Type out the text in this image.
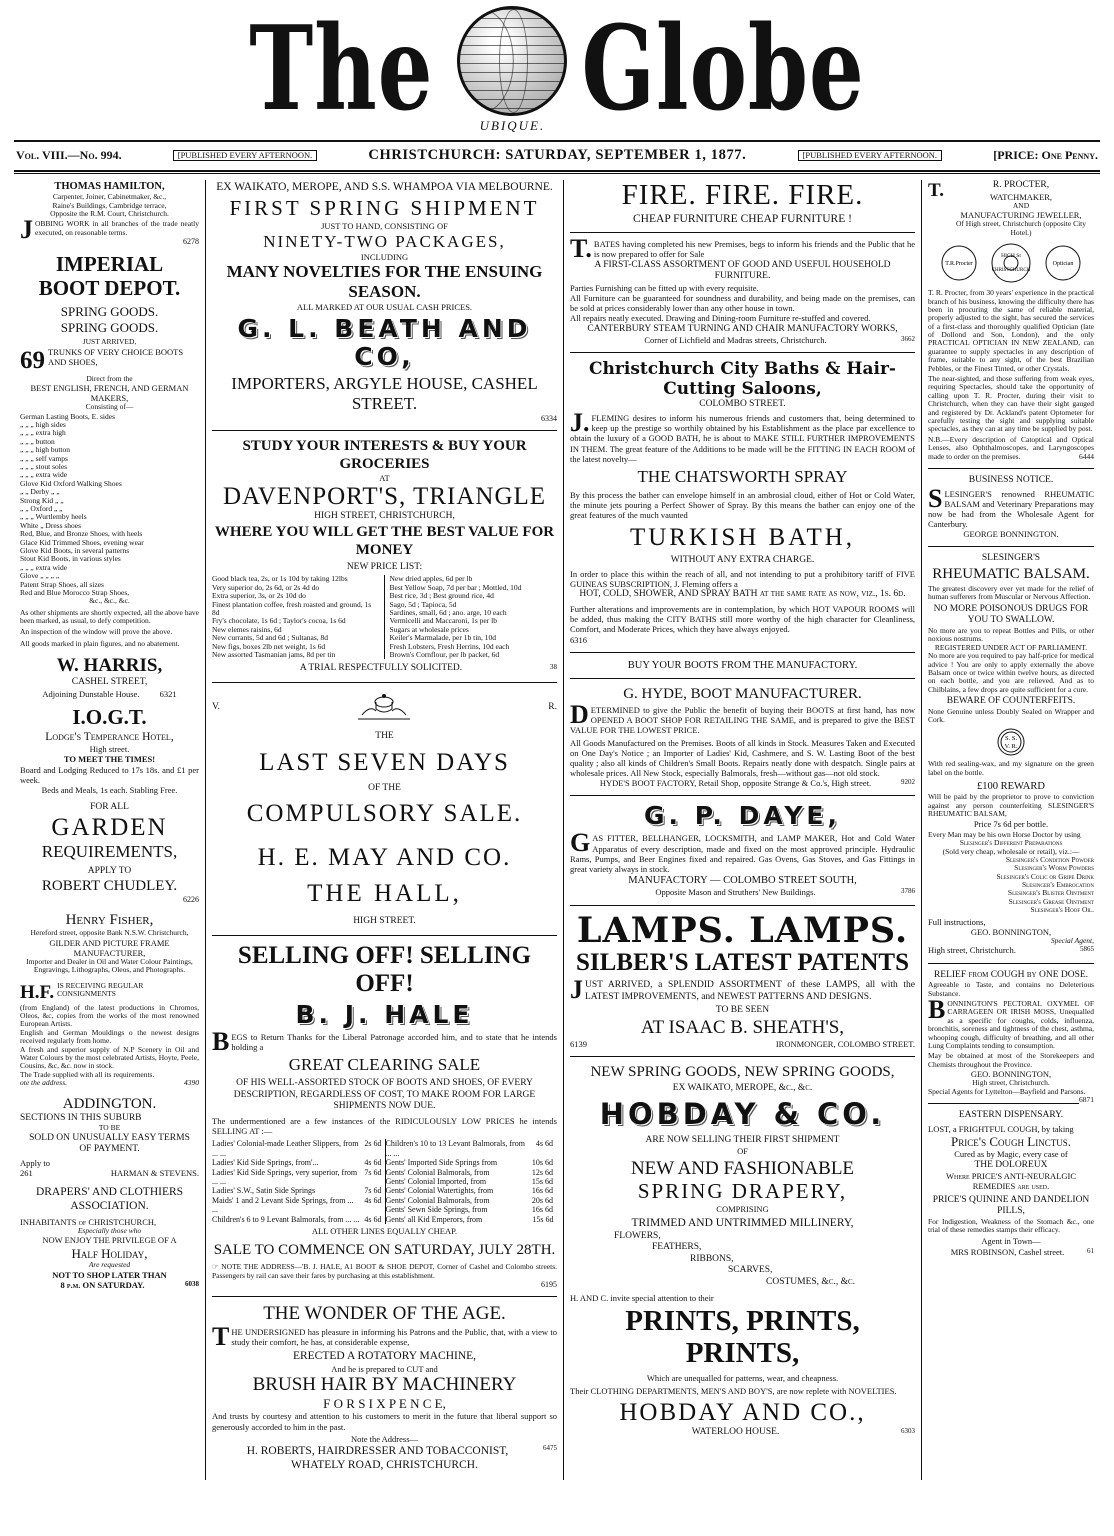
The	UBIQUE. Globe
Vol. VIII.—No. 994.	[PUBLISHED EVERY AFTERNOON.	CHRISTCHURCH: SATURDAY, SEPTEMBER 1, 1877.	[PUBLISHED EVERY AFTERNOON.	[PRICE: One Penny.
THOMAS HAMILTON,
Carpenter, Joiner, Cabinetmaker, &c.,
Raine's Buildings, Cambridge terrace,
Opposite the R.M. Court, Christchurch.
JOBBING WORK in all branches of the trade neatly executed, on reasonable terms.
6278
IMPERIAL
BOOT DEPOT.
SPRING GOODS.
SPRING GOODS.
JUST ARRIVED,
69 TRUNKS OF VERY CHOICE BOOTS AND SHOES,
Direct from the
BEST ENGLISH, FRENCH, AND GERMAN MAKERS,
Consisting of—
German Lasting Boots, E. sides
„ „ „ high sides
„ „ „ extra high
„ „ „ button
„ „ „ high button
„ „ „ self vamps
„ „ „ stout soles
„ „ „ extra wide
Glove Kid Oxford Walking Shoes
„ „ Derby „ „
Strong Kid „ „
„ „ Oxford „ „
„ „ „ Wurtlemby heels
White „ Dress shoes
Red, Blue, and Bronze Shoes, with heels
Glace Kid Trimmed Shoes, evening wear
Glove Kid Boots, in several patterns
Stout Kid Boots, in various styles
„ „ „ extra wide
Glove „ „ „ „
Patent Strap Shoes, all sizes
Red and Blue Morocco Strap Shoes,
&c., &c., &c.
As other shipments are shortly expected, all the above have been marked, as usual, to defy competition.
An inspection of the window will prove the above.
All goods marked in plain figures, and no abatement.
W. HARRIS,
CASHEL STREET,
Adjoining Dunstable House. 6321
I.O.G.T.
Lodge's Temperance Hotel,
High street.
TO MEET THE TIMES!
Board and Lodging Reduced to 17s 18s. and £1 per week.
Beds and Meals, 1s each. Stabling Free.
FOR ALL
GARDEN
REQUIREMENTS,
APPLY TO
ROBERT CHUDLEY.
6226
Henry Fisher,
Hereford street, opposite Bank N.S.W. Christchurch,
GILDER AND PICTURE FRAME MANUFACTURER,
Importer and Dealer in Oil and Water Colour Paintings,
Engravings, Lithographs, Oleos, and Photographs.
H.F. IS RECEIVING REGULAR CONSIGNMENTS
(from England) of the latest productions in Chromos, Oleos, &c, copies from the works of the most renowned European Artists.
English and German Mouldings o the newest designs received regularly from home.
A fresh and superior supply of N.P Scenery in Oil and Water Colours by the most celebrated Artists, Hoyte, Peele, Cousins, &c, &c. now in stock.
The Trade supplied with all its requirements.
ote the address.	4390
ADDINGTON.
SECTIONS IN THIS SUBURB
TO BE
SOLD ON UNUSUALLY EASY TERMS
OF PAYMENT.
Apply to
261	HARMAN & STEVENS.
DRAPERS' AND CLOTHIERS
ASSOCIATION.
INHABITANTS of CHRISTCHURCH,
Especially those who
NOW ENJOY THE PRIVILEGE OF A
Half Holiday,
Are requested
NOT TO SHOP LATER THAN
8 p.m. ON SATURDAY.	6038
EX WAIKATO, MEROPE, AND S.S. WHAMPOA VIA MELBOURNE.
FIRST SPRING SHIPMENT
JUST TO HAND, CONSISTING OF
NINETY-TWO PACKAGES,
INCLUDING
MANY NOVELTIES FOR THE ENSUING SEASON.
ALL MARKED AT OUR USUAL CASH PRICES.
G. L. BEATH AND CO,
IMPORTERS, ARGYLE HOUSE, CASHEL STREET.
6334
STUDY YOUR INTERESTS & BUY YOUR GROCERIES
AT
DAVENPORT'S, TRIANGLE
HIGH STREET, CHRISTCHURCH,
WHERE YOU WILL GET THE BEST VALUE FOR MONEY
NEW PRICE LIST:
Good black tea, 2s, or 1s 10d by taking 12lbs
Very superior do, 2s 6d, or 2s 4d do
Extra superior, 3s, or 2s 10d do
Finest plantation coffee, fresh roasted and ground, 1s 8d
Fry's chocolate, 1s 6d ; Taylor's cocoa, 1s 6d
New elemes raisins, 6d
New currants, 5d and 6d ; Sultanas, 8d
New figs, boxes 2lb net weight, 1s 6d
New assorted Tasmanian jams, 8d per tin
New dried apples, 6d per lb
Best Yellow Soap, 7d per bar ; Mottled, 10d
Best rice, 3d ; Best ground rice, 4d
Sago, 5d ; Tapioca, 5d
Sardines, small, 6d ; ano. arge, 10 each
Vermicelli and Maccaroni, 1s per lb
Sugars at wholesale prices
Keiler's Marmalade, per 1b tin, 10d
Fresh Lobsters, Fresh Herrins, 10d each
Brown's Cornflour, per lb packet, 6d
A TRIAL RESPECTFULLY SOLICITED.	38
V.	R.
THE
LAST SEVEN DAYS
OF THE
COMPULSORY SALE.
H. E. MAY AND CO.
THE HALL,
HIGH STREET.
SELLING OFF! SELLING OFF!
B. J. HALE
BEGS to Return Thanks for the Liberal Patronage accorded him, and to state that he intends holding a
GREAT CLEARING SALE
OF HIS WELL-ASSORTED STOCK OF BOOTS AND SHOES, OF EVERY DESCRIPTION, REGARDLESS OF COST, TO MAKE ROOM FOR LARGE SHIPMENTS NOW DUE.
The undermentioned are a few instances of the RIDICULOUSLY LOW PRICES he intends SELLING AT :—
Ladies' Colonial-made Leather Slippers, from ... ...	2s 6d
Ladies' Kid Side Springs, from'...	4s 6d
Ladies' Kid Side Springs, very superior, from ... ...	7s 6d
Ladies' S.W., Satin Side Springs	7s 6d
Maids' 1 and 2 Levant Side Springs, from ... ...	4s 6d
Children's 6 to 9 Levant Balmorals, from ... ...	4s 6d
Children's 10 to 13 Levant Balmorals, from ... ...	4s 6d
Gents' Imported Side Springs from	10s 6d
Gents' Colonial Balmorals, from	12s 6d
Gents' Colonial Imported, from	15s 6d
Gents' Colonial Watertights, from	16s 6d
Gents' Colonial Balmorals, from	20s 6d
Gents' Sewn Side Springs, from	16s 6d
Gents' all Kid Emperors, from	15s 6d
ALL OTHER LINES EQUALLY CHEAP.
SALE TO COMMENCE ON SATURDAY, JULY 28TH.
☞ NOTE THE ADDRESS—'B. J. HALE, A1 BOOT & SHOE DEPOT, Corner of Cashel and Colombo streets. Passengers by rail can save their fares by purchasing at this establishment.
6195
THE WONDER OF THE AGE.
THE UNDERSIGNED has pleasure in informing his Patrons and the Public, that, with a view to study their comfort, he has, at considerable expense,
ERECTED A ROTATORY MACHINE,
And he is prepared to CUT and
BRUSH HAIR BY MACHINERY
F O R S I X P E N C E,
And trusts by courtesy and attention to his customers to merit in the future that liberal support so generously accorded to him in the past.
Note the Address—
H. ROBERTS, HAIRDRESSER AND TOBACCONIST,	6475
WHATELY ROAD, CHRISTCHURCH.
FIRE. FIRE. FIRE.
CHEAP FURNITURE CHEAP FURNITURE !
T.BATES having completed his new Premises, begs to inform his friends and the Public that he is now prepared to offer for Sale
A FIRST-CLASS ASSORTMENT OF GOOD AND USEFUL HOUSEHOLD FURNITURE.
Parties Furnishing can be fitted up with every requisite.
All Furniture can be guaranteed for soundness and durability, and being made on the premises, can be sold at prices considerably lower than any other house in town.
All repairs neatly executed. Drawing and Dining-room Furniture re-stuffed and covered.
CANTERBURY STEAM TURNING AND CHAIR MANUFACTORY WORKS,
Corner of Lichfield and Madras streets, Christchurch.	3662
Christchurch City Baths & Hair-Cutting Saloons,
COLOMBO STREET.
J.FLEMING desires to inform his numerous friends and customers that, being determined to keep up the prestige so worthily obtained by his Establishment as the place par excellence to obtain the luxury of a GOOD BATH, he is about to MAKE STILL FURTHER IMPROVEMENTS IN THEM. The great feature of the Additions to be made will be the FITTING IN EACH ROOM of the latest novelty—
THE CHATSWORTH SPRAY
By this process the bather can envelope himself in an ambrosial cloud, either of Hot or Cold Water, the minute jets pouring a Perfect Shower of Spray. By this means the bather can enjoy one of the great features of the much vaunted
TURKISH BATH,
WITHOUT ANY EXTRA CHARGE.
In order to place this within the reach of all, and not intending to put a prohibitory tariff of FIVE GUINEAS SUBSCRIPTION, J. Fleming offers a
HOT, COLD, SHOWER, AND SPRAY BATH at the same rate as now, viz., 1s. 6d.
Further alterations and improvements are in contemplation, by which HOT VAPOUR ROOMS will be added, thus making the CITY BATHS still more worthy of the high character for Cleanliness, Comfort, and Moderate Prices, which they have always enjoyed.
6316
BUY YOUR BOOTS FROM THE MANUFACTORY.
G. HYDE, BOOT MANUFACTURER.
DETERMINED to give the Public the benefit of buying their BOOTS at first hand, has now OPENED A BOOT SHOP FOR RETAILING THE SAME, and is prepared to give the BEST VALUE FOR THE LOWEST PRICE.
All Goods Manufactured on the Premises. Boots of all kinds in Stock. Measures Taken and Executed on One Day's Notice ; an Importer of Ladies' Kid, Cashmere, and S. W. Lasting Boot of the best quality ; also all kinds of Children's Small Boots. Repairs neatly done with despatch. Single pairs at wholesale prices. All New Stock, especially Balmorals, fresh—without gas—not old stock.
HYDE'S BOOT FACTORY, Retail Shop, opposite Strange & Co.'s, High street.	9202
G. P. DAYE,
GAS FITTER, BELLHANGER, LOCKSMITH, and LAMP MAKER, Hot and Cold Water Apparatus of every description, made and fixed on the most approved principle. Hydraulic Rams, Pumps, and Beer Engines fixed and repaired. Gas Ovens, Gas Stoves, and Gas Fittings in great variety always in stock.
MANUFACTORY — COLOMBO STREET SOUTH,
Opposite Mason and Struthers' New Buildings.	3786
LAMPS. LAMPS.
SILBER'S LATEST PATENTS
JUST ARRIVED, a SPLENDID ASSORTMENT of these LAMPS, all with the LATEST IMPROVEMENTS, and NEWEST PATTERNS AND DESIGNS.
TO BE SEEN
AT ISAAC B. SHEATH'S,
6139	IRONMONGER, COLOMBO STREET.
NEW SPRING GOODS, NEW SPRING GOODS,
EX WAIKATO, MEROPE, &c., &c.
HOBDAY & CO.
ARE NOW SELLING THEIR FIRST SHIPMENT
OF
NEW AND FASHIONABLE
SPRING DRAPERY,
COMPRISING
TRIMMED AND UNTRIMMED MILLINERY,
FLOWERS,
FEATHERS,
RIBBONS,
SCARVES,
COSTUMES, &c., &c.
H. AND C. invite special attention to their
PRINTS, PRINTS, PRINTS,
Which are unequalled for patterns, wear, and cheapness.
Their CLOTHING DEPARTMENTS, MEN'S AND BOY'S, are now replete with NOVELTIES.
HOBDAY AND CO.,
WATERLOO HOUSE.	6303
T.	R. PROCTER,
WATCHMAKER,
AND
MANUFACTURING JEWELLER,
Of High street, Christchurch (opposite City Hotel.)
T.R.Procter
HIGH St
CHRISTCHURCH
Optician
T. R. Procter, from 30 years' experience in the practical branch of his business, knowing the difficulty there has been in procuring the same of reliable material, properly adjusted to the sight, has secured the services of a first-class and thoroughly qualified Optician (late of Dollond and Son, London), and the only PRACTICAL OPTICIAN IN NEW ZEALAND, can guarantee to supply spectacles in any description of frame, suitable to any sight, of the best Brazilian Pebbles, or the Finest Tinted, or other Crystals.
The near-sighted, and those suffering from weak eyes, requiring Spectacles, should take the opportunity of calling upon T. R. Procter, during their visit to Christchurch, when they can have their sight gauged and registered by Dr. Ackland's patent Optometer for carefully testing the sight and supplying suitable spectacles, as they can at any time be supplied by post.
N.B.—Every description of Catoptical and Optical Lenses, also Ophthalmoscopes, and Laryngoscopes made to order on the premises.	6444
BUSINESS NOTICE.
SLESINGER'S renowned RHEUMATIC BALSAM and Veterinary Preparations may now be had from the Wholesale Agent for Canterbury.
GEORGE BONNINGTON.
SLESINGER'S
RHEUMATIC BALSAM.
The greatest discovery ever yet made for the relief of human sufferers from Muscular or Nervous Affection.
NO MORE POISONOUS DRUGS FOR YOU TO SWALLOW.
No more are you to repeat Bottles and Pills, or other noxious nostrums.
REGISTERED UNDER ACT OF PARLIAMENT.
No more are you required to pay half-price for medical advice ! You are only to apply externally the above Balsam once or twice within twelve hours, as directed on each bottle, and you are relieved. And as to Chilblains, a few drops are quite sufficient for a cure.
BEWARE OF COUNTERFEITS.
None Genuine unless Doubly Sealed on Wrapper and Cork.
S. S.
V. R.
With red sealing-wax, and my signature on the green label on the bottle.
£100 REWARD
Will be paid by the proprietor to prove to conviction against any person counterfeiting SLESINGER'S RHEUMATIC BALSAM,
Price 7s 6d per bottle.
Every Man may be his own Horse Doctor by using
Slesinger's Different Preparations
(Sold very cheap, wholesale or retail), viz.:—
Slesinger's Condition Powder
Slesinger's Worm Powders
Slesinger's Colic or Gripe Drink
Slesinger's Embrocation
Slesinger's Blister Ointment
Slesinger's Grease Ointment
Slesinger's Hoof Oil.
Full instructions,
GEO. BONNINGTON,
Special Agent,
High street, Christchurch.	5865
RELIEF from COUGH by ONE DOSE.
Agreeable to Taste, and contains no Deleterious Substance.
BONNINGTON'S PECTORAL OXYMEL OF CARRAGEEN OR IRISH MOSS, Unequalled as a specific for coughs, colds, influenza, bronchitis, soreness and tightness of the chest, asthma, whooping cough, difficulty of breathing, and all other Lung Complaints tending to consumption.
May be obtained at most of the Storekeepers and Chemists throughout the Province.
GEO. BONNINGTON,
High street, Christchurch.
Special Agents for Lyttelton—Bayfield and Parsons.
6871
EASTERN DISPENSARY.
LOST, a FRIGHTFUL COUGH, by taking
Price's Cough Linctus.
Cured as by Magic, every case of
THE DOLOREUX
Where PRICE'S ANTI-NEURALGIC REMEDIES are used.
PRICE'S QUININE AND DANDELION PILLS,
For Indigestion, Weakness of the Stomach &c., one trial of these remedies stamps their efficacy.
Agent in Town—
MRS ROBINSON, Cashel street.	61
